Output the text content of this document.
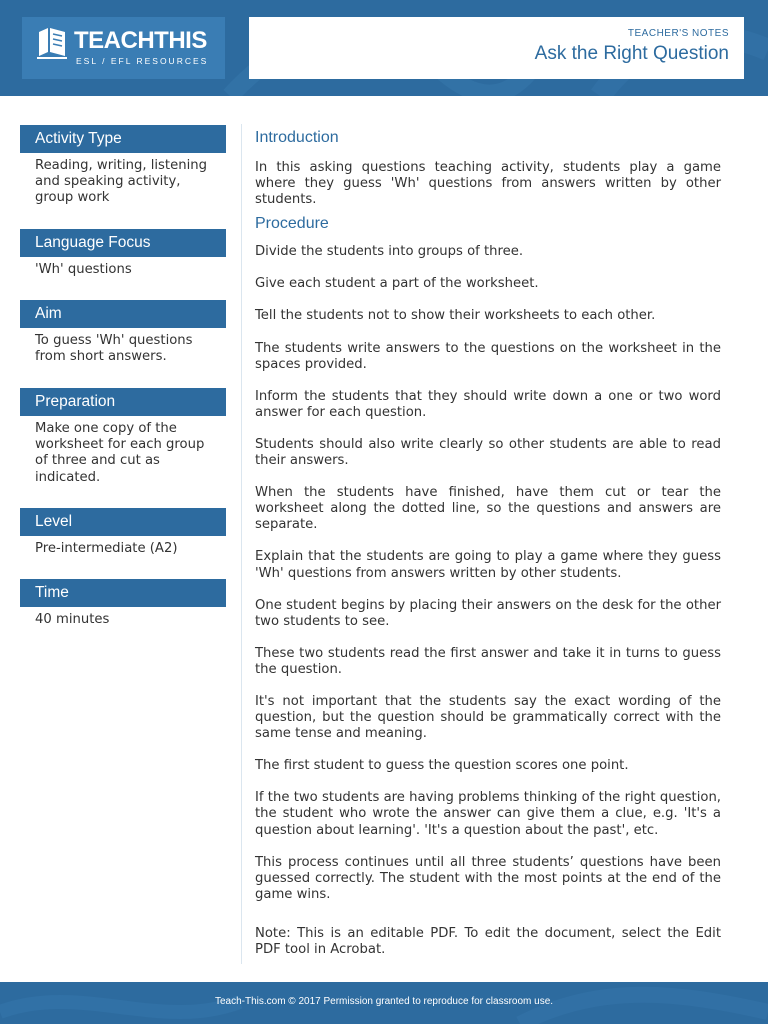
TEACHTHIS
ESL / EFL RESOURCES
TEACHER'S NOTES
Ask the Right Question
Activity Type
Reading, writing, listening and speaking activity, group work
Language Focus
'Wh' questions
Aim
To guess 'Wh' questions from short answers.
Preparation
Make one copy of the worksheet for each group of three and cut as indicated.
Level
Pre-intermediate (A2)
Time
40 minutes
Introduction

In this asking questions teaching activity, students play a game where they guess 'Wh' questions from answers written by other students.

Procedure

Divide the students into groups of three.

Give each student a part of the worksheet.

Tell the students not to show their worksheets to each other.

The students write answers to the questions on the worksheet in the spaces provided.

Inform the students that they should write down a one or two word answer for each question.

Students should also write clearly so other students are able to read their answers.

When the students have finished, have them cut or tear the worksheet along the dotted line, so the questions and answers are separate.

Explain that the students are going to play a game where they guess 'Wh' questions from answers written by other students.

One student begins by placing their answers on the desk for the other two students to see.

These two students read the first answer and take it in turns to guess the question.

It's not important that the students say the exact wording of the question, but the question should be grammatically correct with the same tense and meaning.

The first student to guess the question scores one point.

If the two students are having problems thinking of the right question, the student who wrote the answer can give them a clue, e.g. 'It's a question about learning'. 'It's a question about the past', etc.

This process continues until all three students’ questions have been guessed correctly. The student with the most points at the end of the game wins.

Note: This is an editable PDF. To edit the document, select the Edit PDF tool in Acrobat.

Teach-This.com © 2017 Permission granted to reproduce for classroom use.
